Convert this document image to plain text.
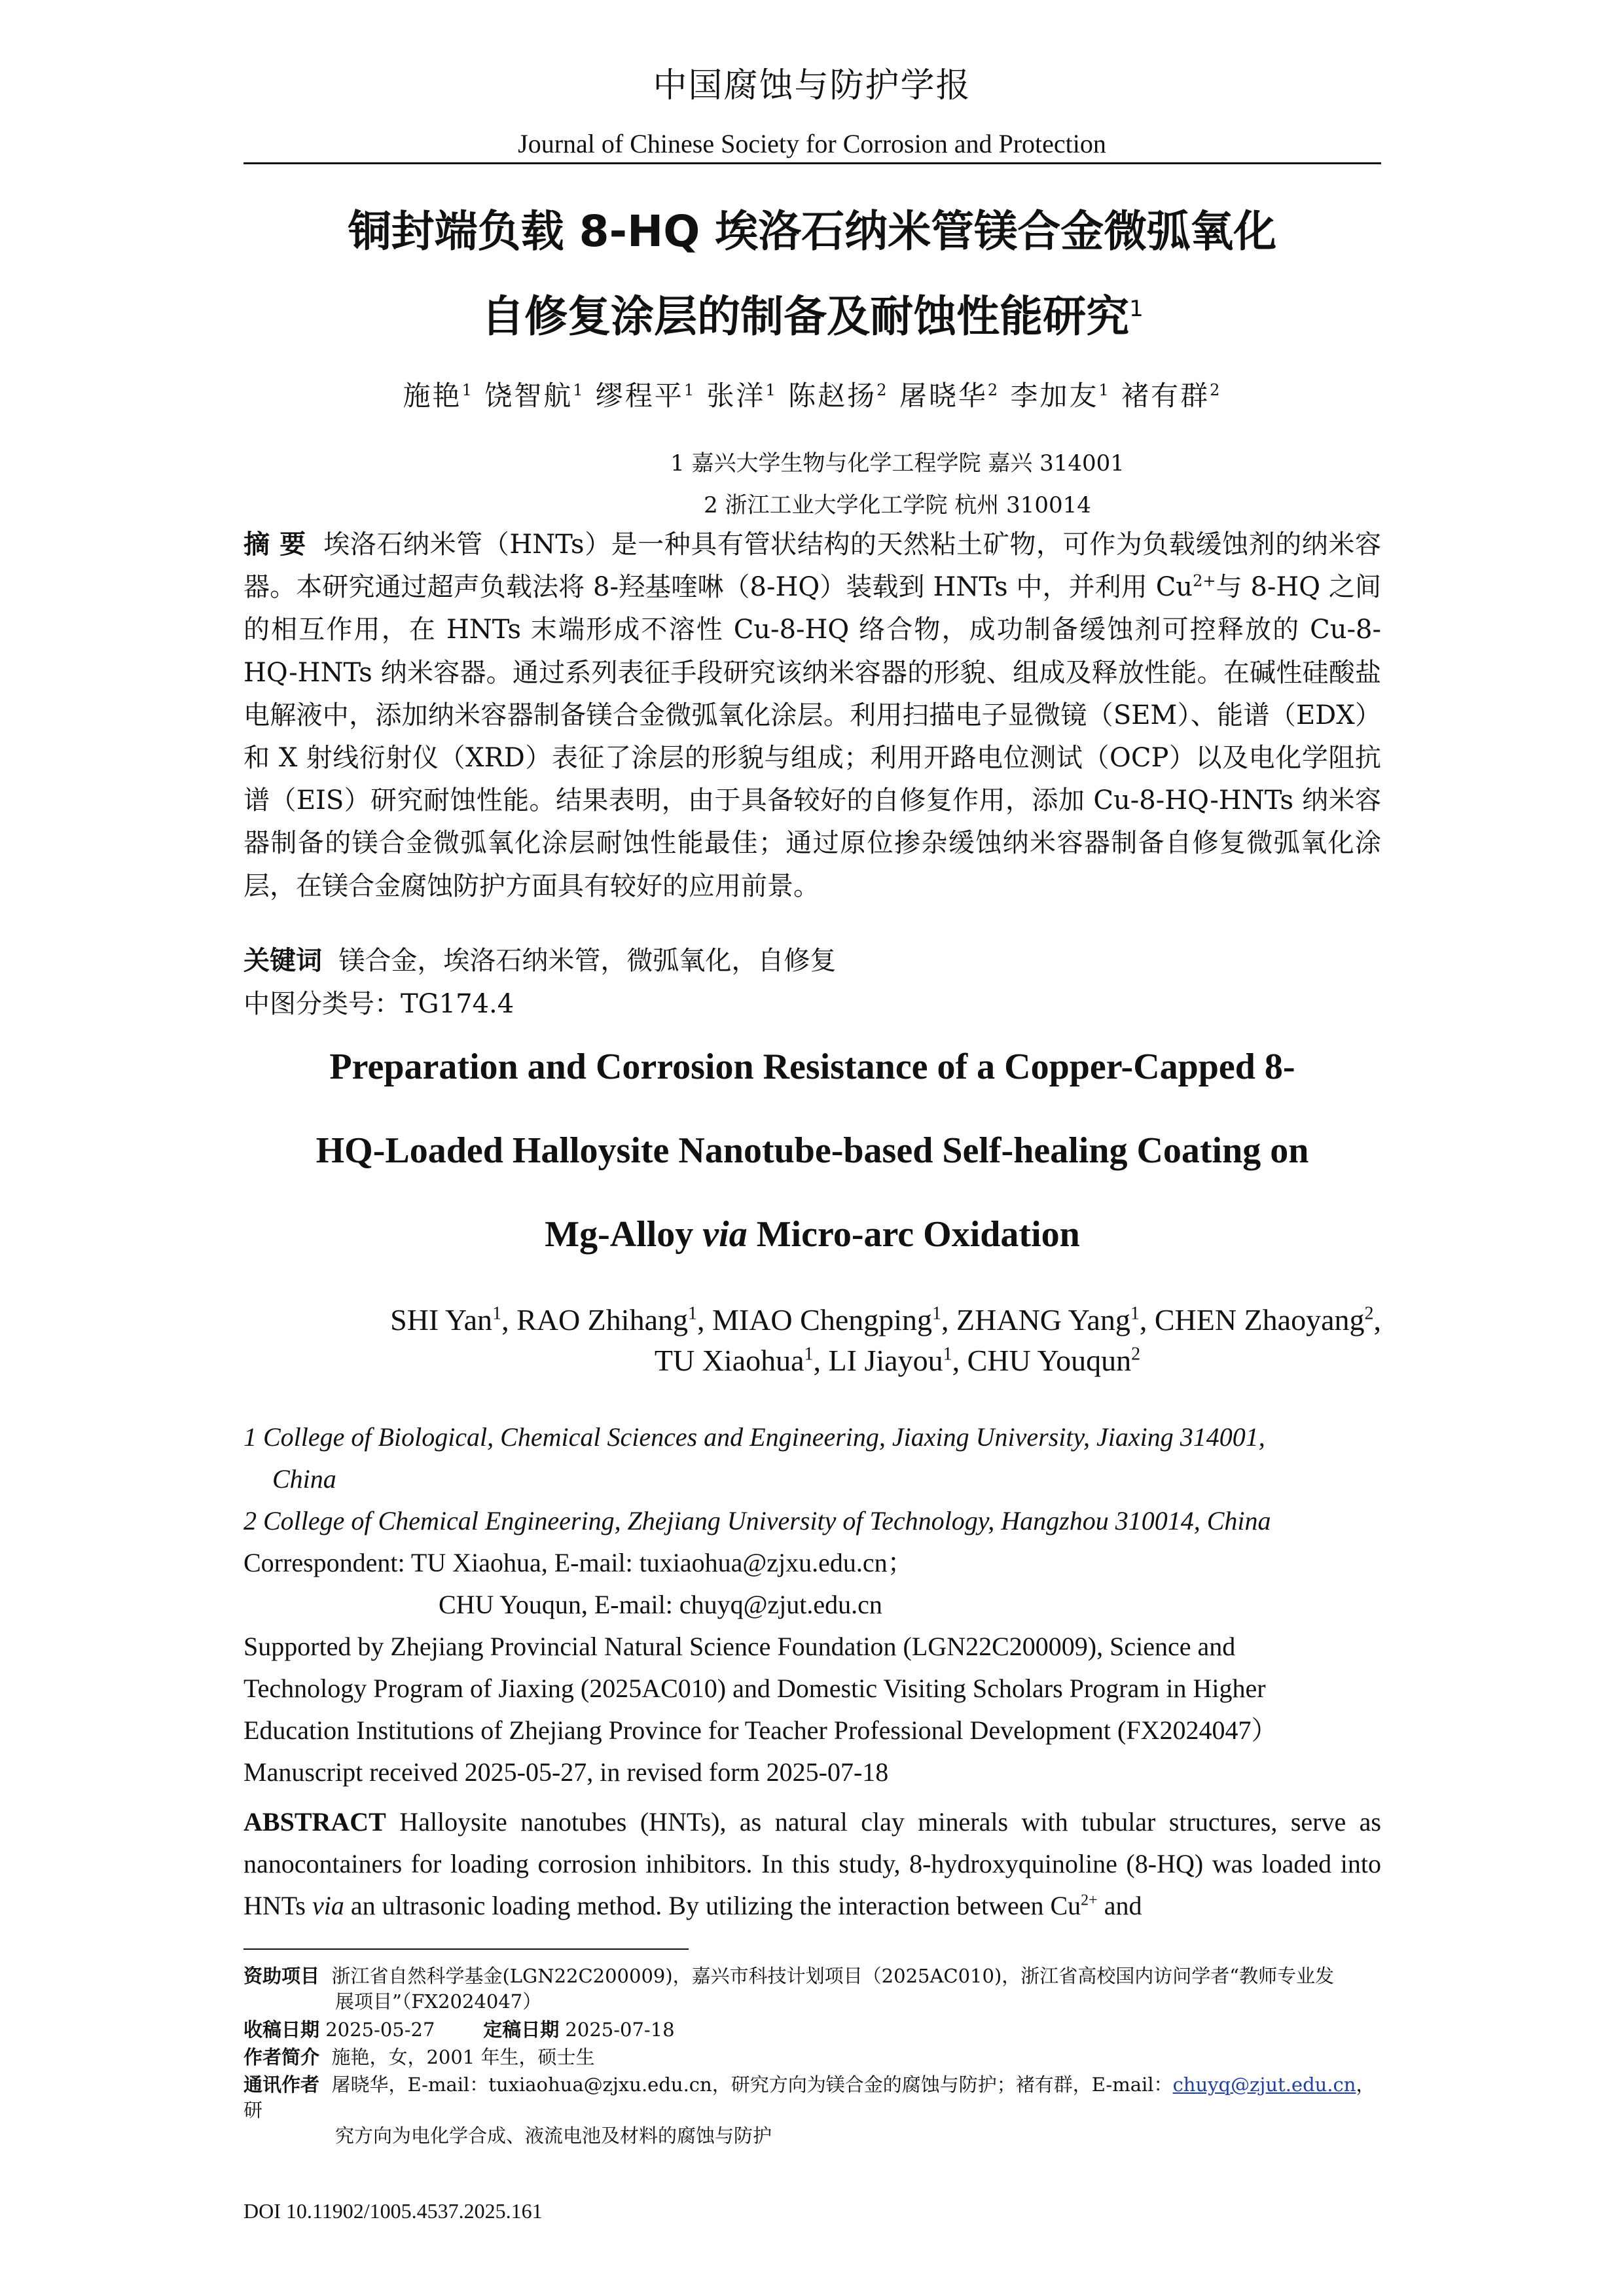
中国腐蚀与防护学报
Journal of Chinese Society for Corrosion and Protection
铜封端负载 8-HQ 埃洛石纳米管镁合金微弧氧化
自修复涂层的制备及耐蚀性能研究$^1$
施艳$^1$ 饶智航$^1$ 缪程平$^1$ 张洋$^1$ 陈赵扬$^2$ 屠晓华$^2$ 李加友$^1$ 褚有群$^2$
1 嘉兴大学生物与化学工程学院 嘉兴 314001
2 浙江工业大学化工学院 杭州 310014
摘 要 埃洛石纳米管（HNTs）是一种具有管状结构的天然粘土矿物，可作为负载缓蚀剂的纳米容器。本研究通过超声负载法将 8-羟基喹啉（8-HQ）装载到 HNTs 中，并利用 $Cu^{2+}$与 8-HQ 之间的相互作用，在 HNTs 末端形成不溶性 Cu-8-HQ 络合物，成功制备缓蚀剂可控释放的 Cu-8-HQ-HNTs 纳米容器。通过系列表征手段研究该纳米容器的形貌、组成及释放性能。在碱性硅酸盐电解液中，添加纳米容器制备镁合金微弧氧化涂层。利用扫描电子显微镜（SEM）、能谱（EDX）和 X 射线衍射仪（XRD）表征了涂层的形貌与组成；利用开路电位测试（OCP）以及电化学阻抗谱（EIS）研究耐蚀性能。结果表明，由于具备较好的自修复作用，添加 Cu-8-HQ-HNTs 纳米容器制备的镁合金微弧氧化涂层耐蚀性能最佳；通过原位掺杂缓蚀纳米容器制备自修复微弧氧化涂层，在镁合金腐蚀防护方面具有较好的应用前景。
关键词 镁合金，埃洛石纳米管，微弧氧化，自修复
中图分类号：TG174.4
Preparation and Corrosion Resistance of a Copper-Capped 8-
HQ-Loaded Halloysite Nanotube-based Self-healing Coating on
Mg-Alloy via Micro-arc Oxidation
SHI Yan$^1$, RAO Zhihang$^1$, MIAO Chengping$^1$, ZHANG Yang$^1$, CHEN Zhaoyang$^2$,
TU Xiaohua$^1$, LI Jiayou$^1$, CHU Youqun$^2$
1 College of Biological, Chemical Sciences and Engineering, Jiaxing University, Jiaxing 314001,
China
2 College of Chemical Engineering, Zhejiang University of Technology, Hangzhou 310014, China
Correspondent: TU Xiaohua, E-mail: tuxiaohua@zjxu.edu.cn；
CHU Youqun, E-mail: chuyq@zjut.edu.cn
Supported by Zhejiang Provincial Natural Science Foundation (LGN22C200009), Science and
Technology Program of Jiaxing (2025AC010) and Domestic Visiting Scholars Program in Higher
Education Institutions of Zhejiang Province for Teacher Professional Development (FX2024047）
Manuscript received 2025-05-27, in revised form 2025-07-18
ABSTRACT Halloysite nanotubes (HNTs), as natural clay minerals with tubular structures, serve as nanocontainers for loading corrosion inhibitors. In this study, 8-hydroxyquinoline (8-HQ) was loaded into HNTs via an ultrasonic loading method. By utilizing the interaction between $Cu^{2+}$ and
资助项目 浙江省自然科学基金(LGN22C200009)，嘉兴市科技计划项目（2025AC010)，浙江省高校国内访问学者“教师专业发
展项目”（FX2024047）
收稿日期 2025-05-27	定稿日期 2025-07-18
作者简介 施艳，女，2001 年生，硕士生
通讯作者 屠晓华，E-mail：tuxiaohua@zjxu.edu.cn，研究方向为镁合金的腐蚀与防护；褚有群，E-mail：chuyq@zjut.edu.cn，研
究方向为电化学合成、液流电池及材料的腐蚀与防护
DOI 10.11902/1005.4537.2025.161
